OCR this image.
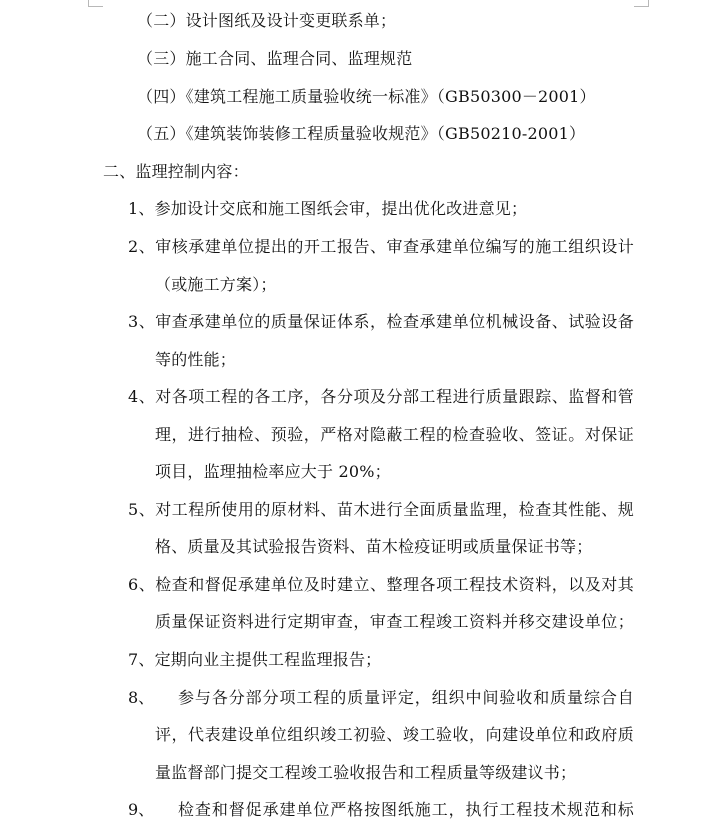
（二）设计图纸及设计变更联系单；
（三）施工合同、监理合同、监理规范
（四）《建筑工程施工质量验收统一标准》（GB50300－2001）
（五）《建筑装饰装修工程质量验收规范》（GB50210-2001）
二、监理控制内容：
1、参加设计交底和施工图纸会审，提出优化改进意见；
2、审核承建单位提出的开工报告、审查承建单位编写的施工组织设计
（或施工方案）；
3、审查承建单位的质量保证体系，检查承建单位机械设备、试验设备
等的性能；
4、对各项工程的各工序，各分项及分部工程进行质量跟踪、监督和管
理，进行抽检、预验，严格对隐蔽工程的检查验收、签证。对保证
项目，监理抽检率应大于 20%；
5、对工程所使用的原材料、苗木进行全面质量监理，检查其性能、规
格、质量及其试验报告资料、苗木检疫证明或质量保证书等；
6、检查和督促承建单位及时建立、整理各项工程技术资料，以及对其
质量保证资料进行定期审查，审查工程竣工资料并移交建设单位；
7、定期向业主提供工程监理报告；
8、 参与各分部分项工程的质量评定，组织中间验收和质量综合自
评，代表建设单位组织竣工初验、竣工验收，向建设单位和政府质
量监督部门提交工程竣工验收报告和工程质量等级建议书；
9、 检查和督促承建单位严格按图纸施工，执行工程技术规范和标
